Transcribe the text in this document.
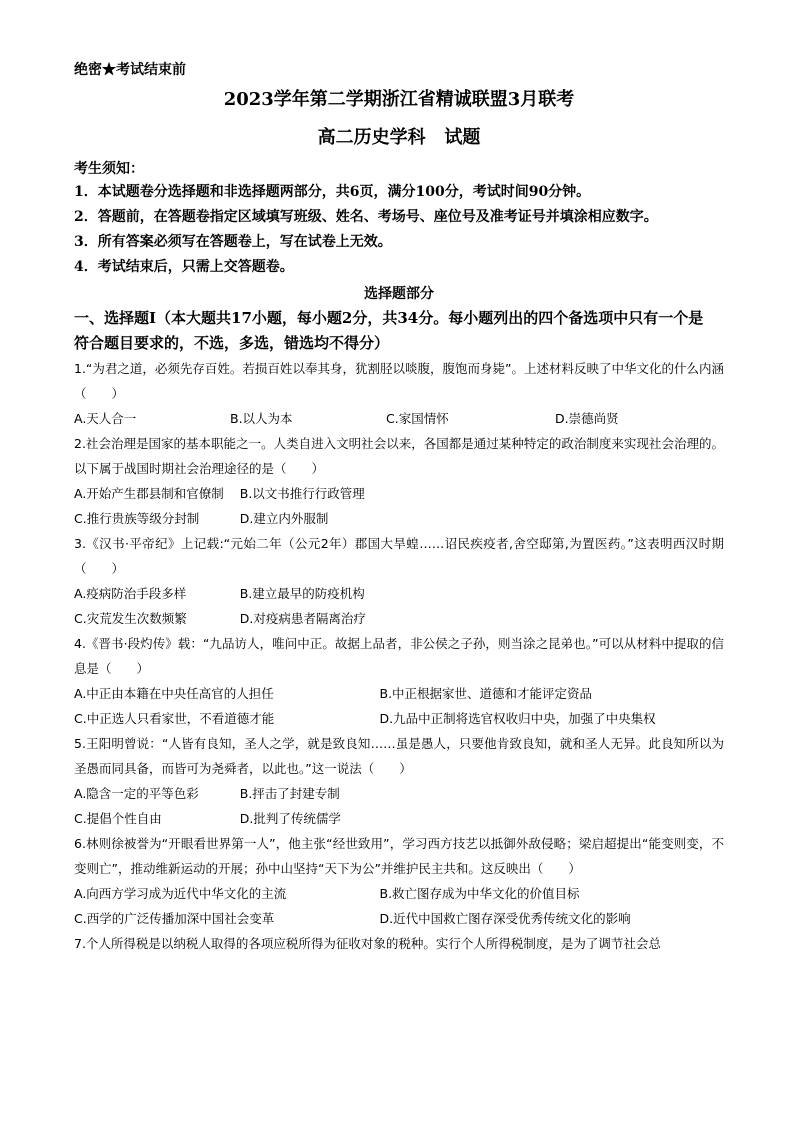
绝密★考试结束前

2023学年第二学期浙江省精诚联盟3月联考

高二历史学科   试题

考生须知：

1．本试题卷分选择题和非选择题两部分，共6页，满分100分，考试时间90分钟。

2．答题前，在答题卷指定区域填写班级、姓名、考场号、座位号及准考证号并填涂相应数字。

3．所有答案必须写在答题卷上，写在试卷上无效。

4．考试结束后，只需上交答题卷。

选择题部分

一、选择题Ⅰ（本大题共17小题，每小题2分，共34分。每小题列出的四个备选项中只有一个是

符合题目要求的，不选，多选，错选均不得分）

1.“为君之道，必须先存百姓。若损百姓以奉其身，犹割胫以啖腹，腹饱而身毙”。上述材料反映了中华文化的什么内涵（　　）
A.天人合一	B.以人为本	C.家国情怀	D.崇德尚贤
2.社会治理是国家的基本职能之一。人类自进入文明社会以来，各国都是通过某种特定的政治制度来实现社会治理的。以下属于战国时期社会治理途径的是（　　）
A.开始产生郡县制和官僚制	B.以文书推行行政管理
C.推行贵族等级分封制	D.建立内外服制
3.《汉书·平帝纪》上记载:“元始二年（公元2年）郡国大旱蝗……诏民疾疫者,舍空邸第,为置医药。”这表明西汉时期（　　）
A.疫病防治手段多样	B.建立最早的防疫机构
C.灾荒发生次数频繁	D.对疫病患者隔离治疗
4.《晋书·段灼传》载：“九品访人，唯问中正。故据上品者，非公侯之子孙，则当涂之昆弟也。”可以从材料中提取的信息是（　　）
A.中正由本籍在中央任高官的人担任	B.中正根据家世、道德和才能评定资品
C.中正选人只看家世，不看道德才能	D.九品中正制将选官权收归中央，加强了中央集权
5.王阳明曾说：“人皆有良知，圣人之学，就是致良知……虽是愚人，只要他肯致良知，就和圣人无异。此良知所以为圣愚而同具备，而皆可为尧舜者，以此也。”这一说法（　　）
A.隐含一定的平等色彩	B.抨击了封建专制
C.提倡个性自由	D.批判了传统儒学
6.林则徐被誉为“开眼看世界第一人”，他主张“经世致用”，学习西方技艺以抵御外敌侵略；梁启超提出“能变则变，不变则亡”，推动维新运动的开展；孙中山坚持“天下为公”并维护民主共和。这反映出（　　）
A.向西方学习成为近代中华文化的主流	B.救亡图存成为中华文化的价值目标
C.西学的广泛传播加深中国社会变革	D.近代中国救亡图存深受优秀传统文化的影响
7.个人所得税是以纳税人取得的各项应税所得为征收对象的税种。实行个人所得税制度，是为了调节社会总
